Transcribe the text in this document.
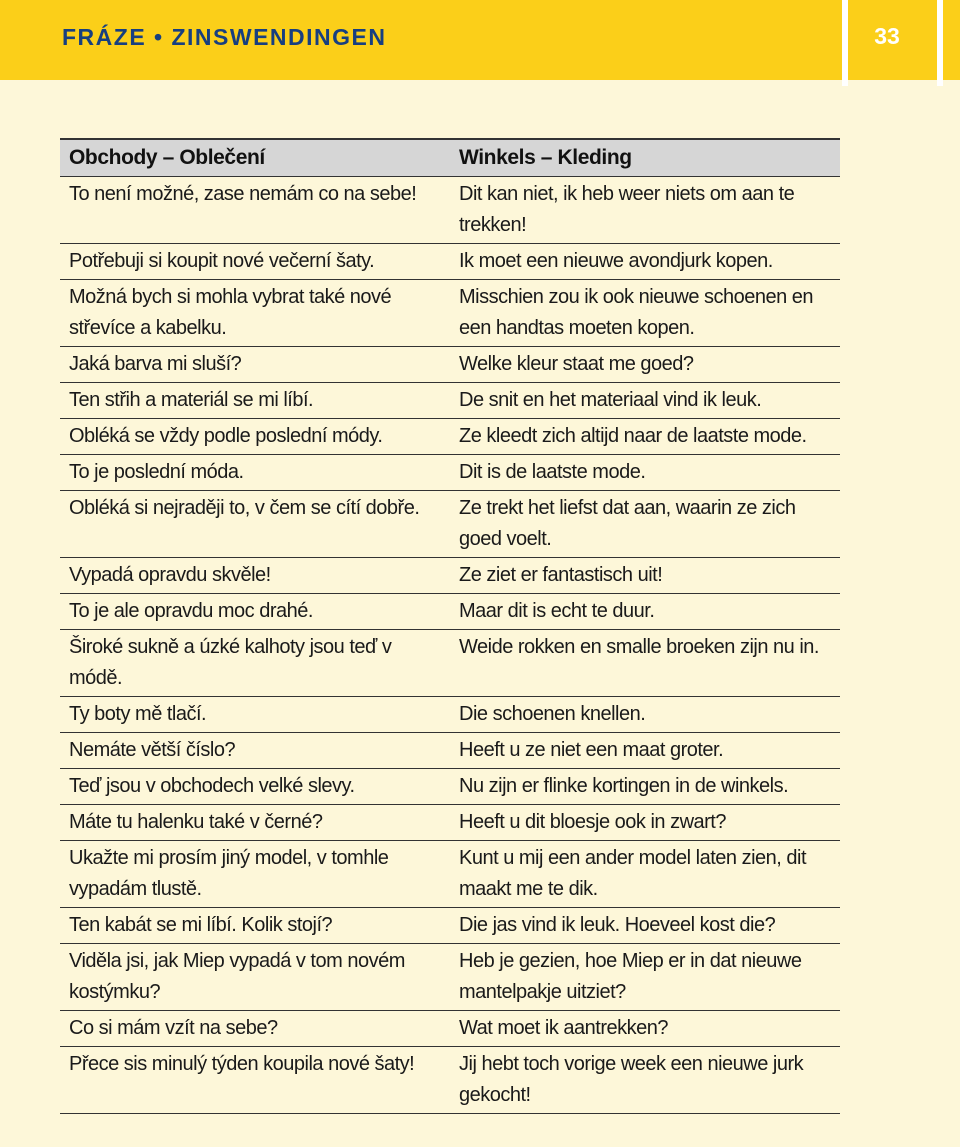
FRÁZE • ZINSWENDINGEN	33
Obchody – Oblečení	Winkels – Kleding
To není možné, zase nemám co na sebe!	Dit kan niet, ik heb weer niets om aan te trekken!
Potřebuji si koupit nové večerní šaty.	Ik moet een nieuwe avondjurk kopen.
Možná bych si mohla vybrat také nové střevíce a kabelku.	Misschien zou ik ook nieuwe schoenen en een handtas moeten kopen.
Jaká barva mi sluší?	Welke kleur staat me goed?
Ten střih a materiál se mi líbí.	De snit en het materiaal vind ik leuk.
Obléká se vždy podle poslední módy.	Ze kleedt zich altijd naar de laatste mode.
To je poslední móda.	Dit is de laatste mode.
Obléká si nejraději to, v čem se cítí dobře.	Ze trekt het liefst dat aan, waarin ze zich goed voelt.
Vypadá opravdu skvěle!	Ze ziet er fantastisch uit!
To je ale opravdu moc drahé.	Maar dit is echt te duur.
Široké sukně a úzké kalhoty jsou teď v módě.	Weide rokken en smalle broeken zijn nu in.
Ty boty mě tlačí.	Die schoenen knellen.
Nemáte větší číslo?	Heeft u ze niet een maat groter.
Teď jsou v obchodech velké slevy.	Nu zijn er flinke kortingen in de winkels.
Máte tu halenku také v černé?	Heeft u dit bloesje ook in zwart?
Ukažte mi prosím jiný model, v tomhle vypadám tlustě.	Kunt u mij een ander model laten zien, dit maakt me te dik.
Ten kabát se mi líbí. Kolik stojí?	Die jas vind ik leuk. Hoeveel kost die?
Viděla jsi, jak Miep vypadá v tom novém kostýmku?	Heb je gezien, hoe Miep er in dat nieuwe mantelpakje uitziet?
Co si mám vzít na sebe?	Wat moet ik aantrekken?
Přece sis minulý týden koupila nové šaty!	Jij hebt toch vorige week een nieuwe jurk gekocht!
